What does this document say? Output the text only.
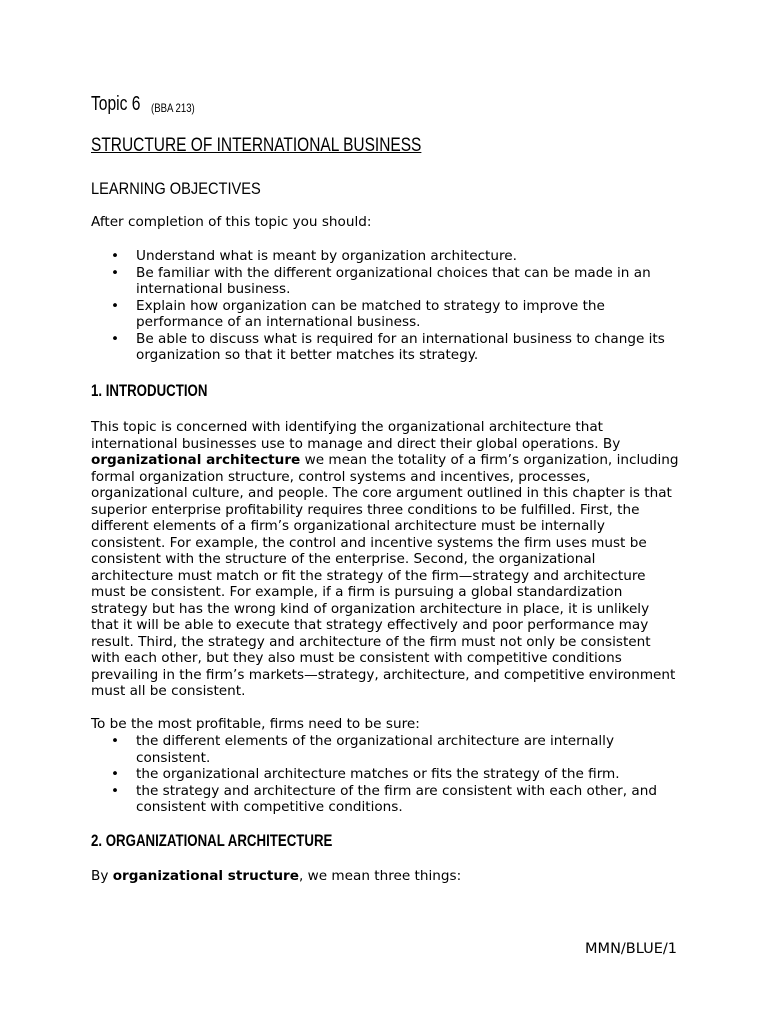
Topic 6 (BBA 213)
STRUCTURE OF INTERNATIONAL BUSINESS
LEARNING OBJECTIVES

After completion of this topic you should:

• Understand what is meant by organization architecture.
• Be familiar with the different organizational choices that can be made in an international business.
• Explain how organization can be matched to strategy to improve the performance of an international business.
• Be able to discuss what is required for an international business to change its organization so that it better matches its strategy.
1. INTRODUCTION

This topic is concerned with identifying the organizational architecture that international businesses use to manage and direct their global operations. By organizational architecture we mean the totality of a firm’s organization, including formal organization structure, control systems and incentives, processes, organizational culture, and people. The core argument outlined in this chapter is that superior enterprise profitability requires three conditions to be fulfilled. First, the different elements of a firm’s organizational architecture must be internally consistent. For example, the control and incentive systems the firm uses must be consistent with the structure of the enterprise. Second, the organizational architecture must match or fit the strategy of the firm—strategy and architecture must be consistent. For example, if a firm is pursuing a global standardization strategy but has the wrong kind of organization architecture in place, it is unlikely that it will be able to execute that strategy effectively and poor performance may result. Third, the strategy and architecture of the firm must not only be consistent with each other, but they also must be consistent with competitive conditions prevailing in the firm’s markets—strategy, architecture, and competitive environment must all be consistent.

To be the most profitable, firms need to be sure:

• the different elements of the organizational architecture are internally consistent.
• the organizational architecture matches or fits the strategy of the firm.
• the strategy and architecture of the firm are consistent with each other, and consistent with competitive conditions.
2. ORGANIZATIONAL ARCHITECTURE

By organizational structure, we mean three things:

MMN/BLUE/1
